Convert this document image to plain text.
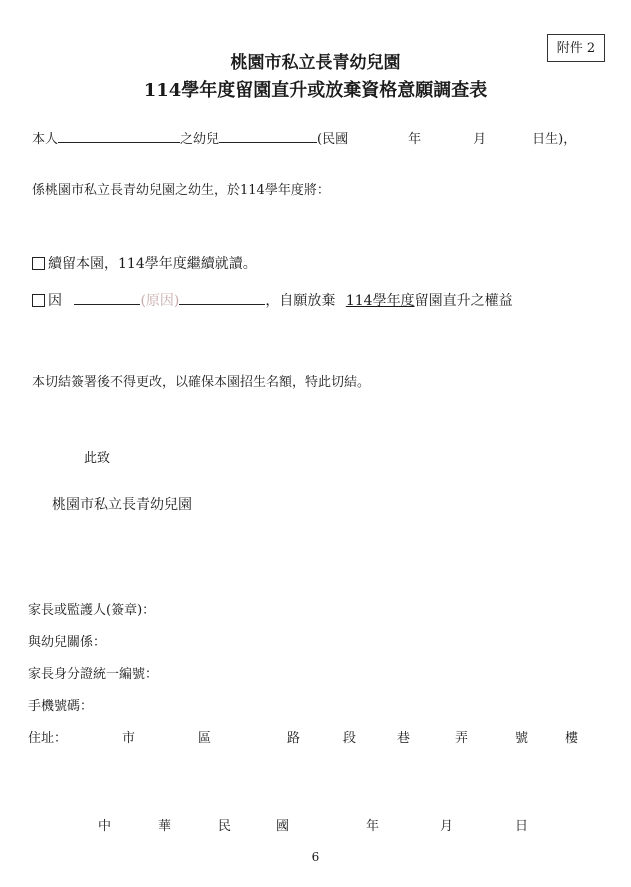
附件 2
桃園市私立長青幼兒園
114學年度留園直升或放棄資格意願調查表
本人	之幼兒	(民國	年	月	日生)，
係桃園市私立長青幼兒園之幼生，於114學年度將：
續留本園，114學年度繼續就讀。
因	(原因)	，自願放棄 114學年度留園直升之權益
本切結簽署後不得更改，以確保本園招生名額，特此切結。
此致
桃園市私立長青幼兒園
家長或監護人(簽章)：
與幼兒關係：
家長身分證統一編號：
手機號碼：
住址：	市	區	路	段	巷	弄	號	樓
中	華	民	國	年	月	日
6
